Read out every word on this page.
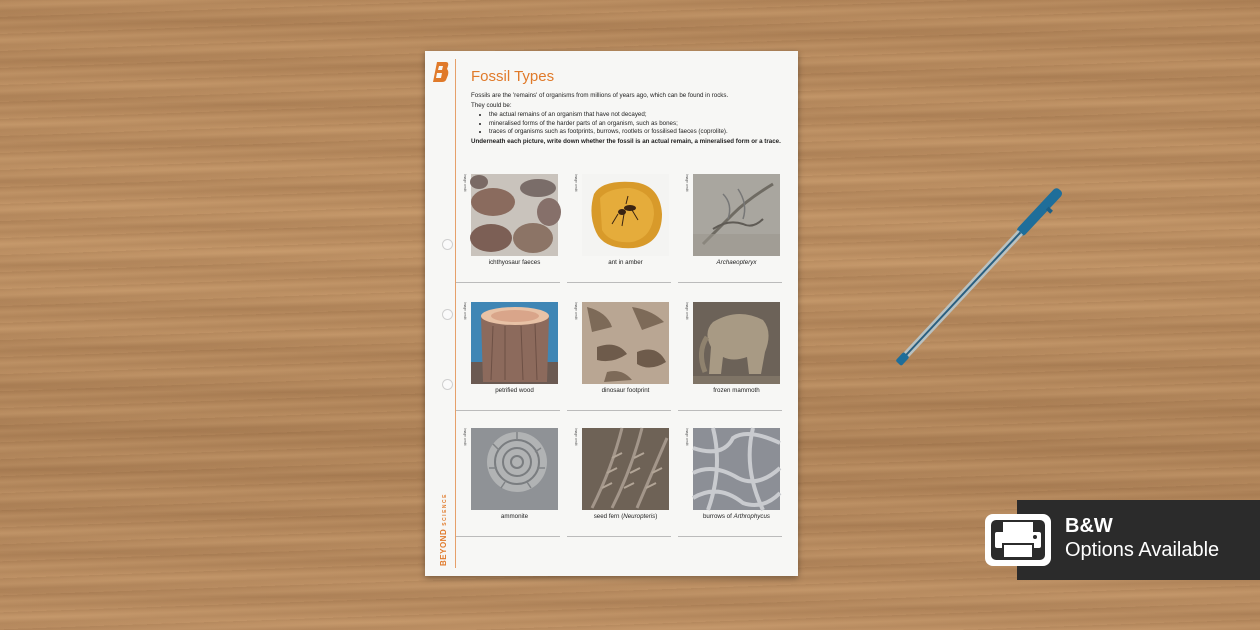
BEYONDSCIENCE
Fossil Types

Fossils are the 'remains' of organisms from millions of years ago, which can be found in rocks.

They could be:

• the actual remains of an organism that have not decayed;
• mineralised forms of the harder parts of an organism, such as bones;
• traces of organisms such as footprints, burrows, rootlets or fossilised faeces (coprolite).

Underneath each picture, write down whether the fossil is an actual remain, a mineralised form or a trace.

Image credit
ichthyosaur faeces
Image credit
ant in amber
Image credit
Archaeopteryx
Image credit
petrified wood
Image credit
dinosaur footprint
Image credit
frozen mammoth
Image credit
ammonite
Image credit
seed fern (Neuropteris)
Image credit
burrows of Arthrophycus	B&W
Options Available
